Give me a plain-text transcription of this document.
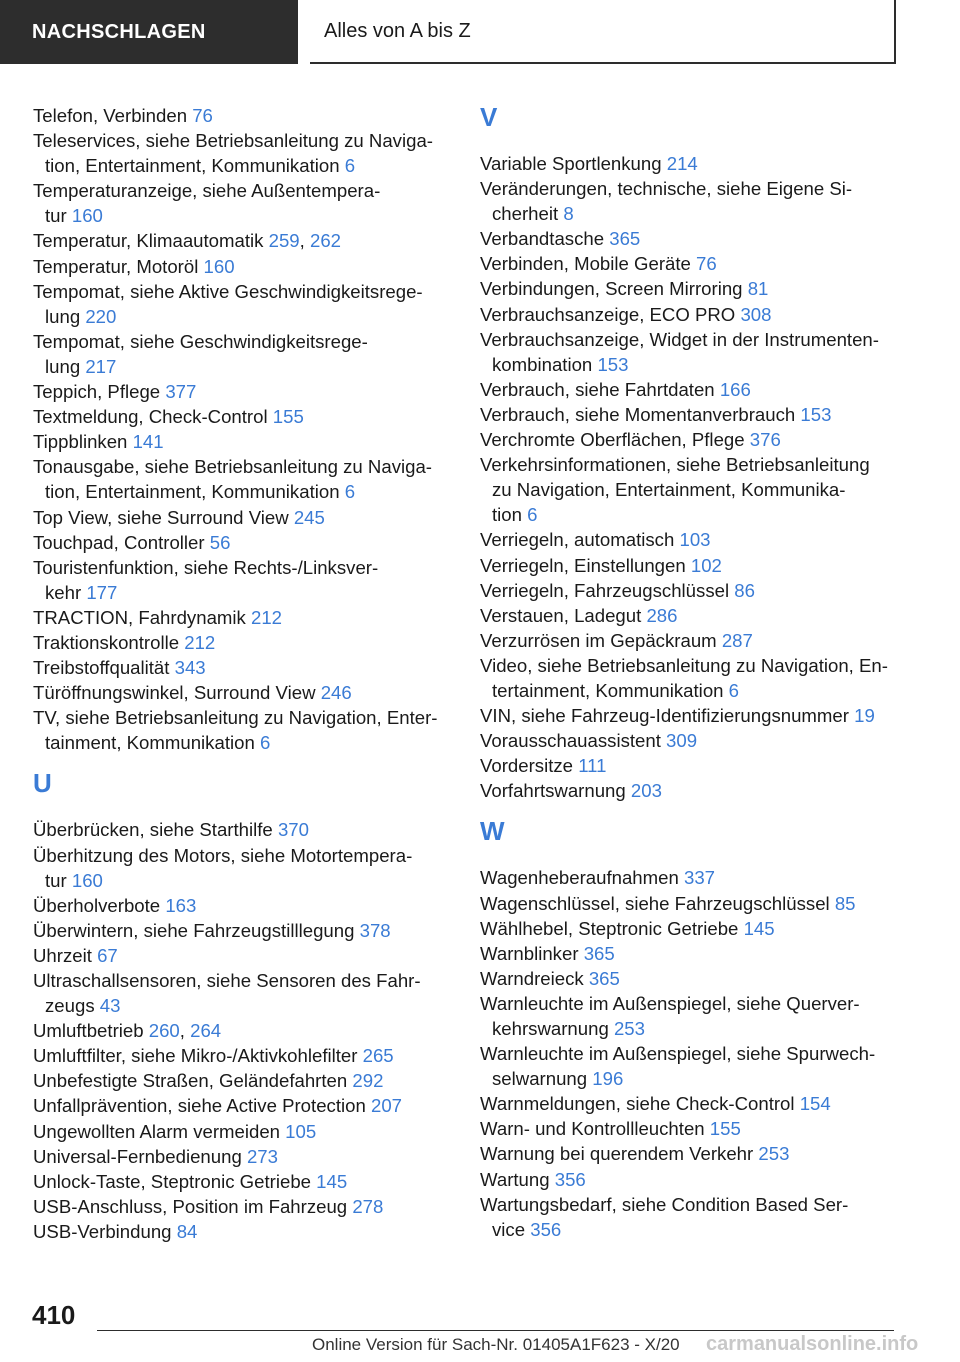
NACHSCHLAGEN	Alles von A bis Z

Telefon, Verbinden 76

Teleservices, siehe Betriebsanleitung zu Naviga-
tion, Entertainment, Kommunikation 6

Temperaturanzeige, siehe Außentempera-
tur 160

Temperatur, Klimaautomatik 259, 262

Temperatur, Motoröl 160

Tempomat, siehe Aktive Geschwindigkeitsrege-
lung 220

Tempomat, siehe Geschwindigkeitsrege-
lung 217

Teppich, Pflege 377

Textmeldung, Check-Control 155

Tippblinken 141

Tonausgabe, siehe Betriebsanleitung zu Naviga-
tion, Entertainment, Kommunikation 6

Top View, siehe Surround View 245

Touchpad, Controller 56

Touristenfunktion, siehe Rechts-/Linksver-
kehr 177

TRACTION, Fahrdynamik 212

Traktionskontrolle 212

Treibstoffqualität 343

Türöffnungswinkel, Surround View 246

TV, siehe Betriebsanleitung zu Navigation, Enter-
tainment, Kommunikation 6

U

Überbrücken, siehe Starthilfe 370

Überhitzung des Motors, siehe Motortempera-
tur 160

Überholverbote 163

Überwintern, siehe Fahrzeugstilllegung 378

Uhrzeit 67

Ultraschallsensoren, siehe Sensoren des Fahr-
zeugs 43

Umluftbetrieb 260, 264

Umluftfilter, siehe Mikro-/Aktivkohlefilter 265

Unbefestigte Straßen, Geländefahrten 292

Unfallprävention, siehe Active Protection 207

Ungewollten Alarm vermeiden 105

Universal-Fernbedienung 273

Unlock-Taste, Steptronic Getriebe 145

USB-Anschluss, Position im Fahrzeug 278

USB-Verbindung 84

V

Variable Sportlenkung 214

Veränderungen, technische, siehe Eigene Si-
cherheit 8

Verbandtasche 365

Verbinden, Mobile Geräte 76

Verbindungen, Screen Mirroring 81

Verbrauchsanzeige, ECO PRO 308

Verbrauchsanzeige, Widget in der Instrumenten-
kombination 153

Verbrauch, siehe Fahrtdaten 166

Verbrauch, siehe Momentanverbrauch 153

Verchromte Oberflächen, Pflege 376

Verkehrsinformationen, siehe Betriebsanleitung
zu Navigation, Entertainment, Kommunika-
tion 6

Verriegeln, automatisch 103

Verriegeln, Einstellungen 102

Verriegeln, Fahrzeugschlüssel 86

Verstauen, Ladegut 286

Verzurrösen im Gepäckraum 287

Video, siehe Betriebsanleitung zu Navigation, En-
tertainment, Kommunikation 6

VIN, siehe Fahrzeug-Identifizierungsnummer 19

Vorausschauassistent 309

Vordersitze 111

Vorfahrtswarnung 203

W

Wagenheberaufnahmen 337

Wagenschlüssel, siehe Fahrzeugschlüssel 85

Wählhebel, Steptronic Getriebe 145

Warnblinker 365

Warndreieck 365

Warnleuchte im Außenspiegel, siehe Querver-
kehrswarnung 253

Warnleuchte im Außenspiegel, siehe Spurwech-
selwarnung 196

Warnmeldungen, siehe Check-Control 154

Warn- und Kontrollleuchten 155

Warnung bei querendem Verkehr 253

Wartung 356

Wartungsbedarf, siehe Condition Based Ser-
vice 356

410
Online Version für Sach-Nr. 01405A1F623 - X/20 carmanualsonline.info
